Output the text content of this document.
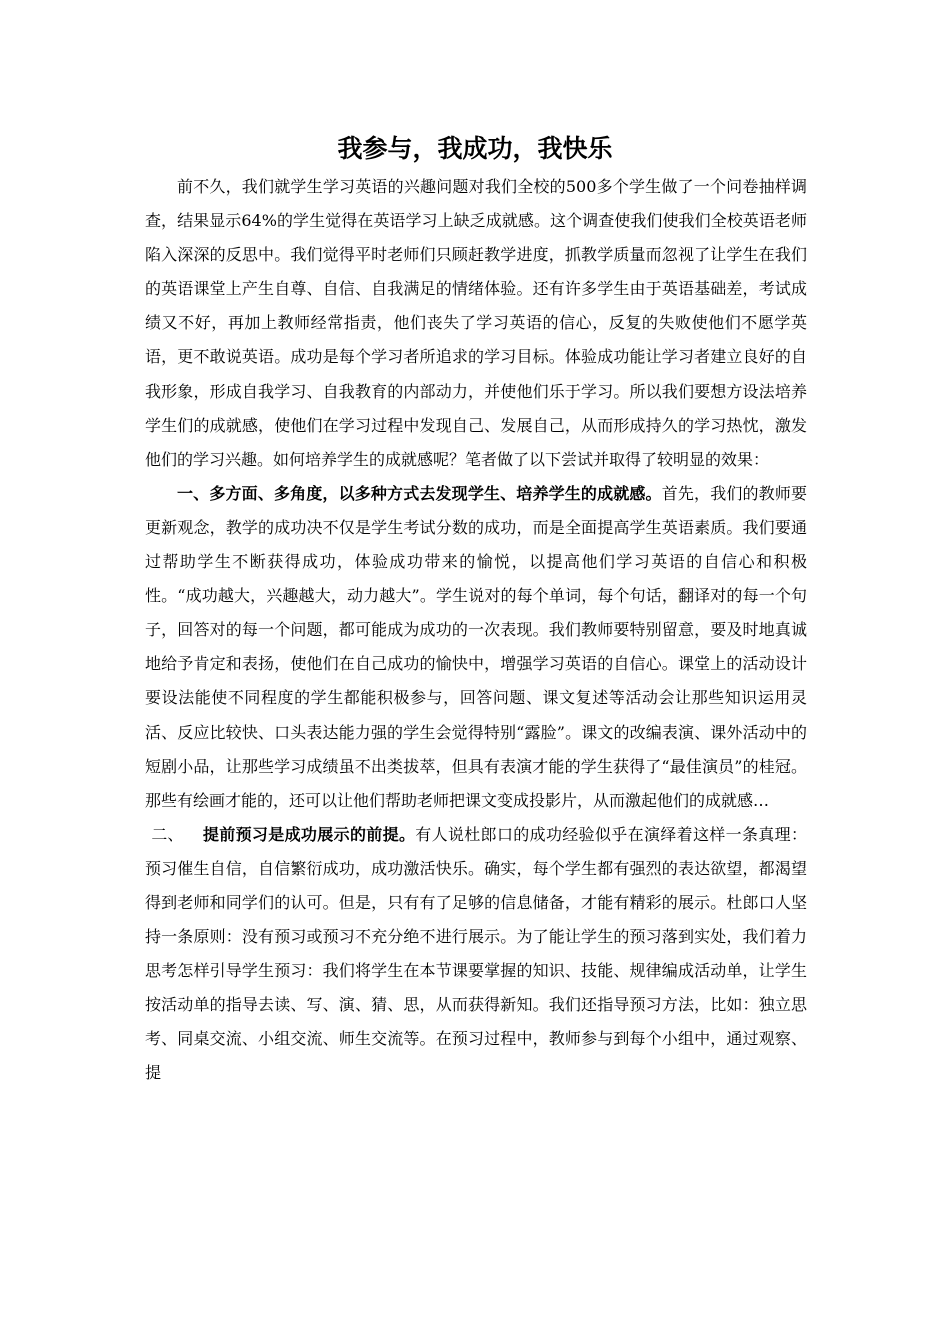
我参与，我成功，我快乐

前不久，我们就学生学习英语的兴趣问题对我们全校的500多个学生做了一个问卷抽样调查，结果显示64%的学生觉得在英语学习上缺乏成就感。这个调查使我们使我们全校英语老师陷入深深的反思中。我们觉得平时老师们只顾赶教学进度，抓教学质量而忽视了让学生在我们的英语课堂上产生自尊、自信、自我满足的情绪体验。还有许多学生由于英语基础差，考试成绩又不好，再加上教师经常指责，他们丧失了学习英语的信心，反复的失败使他们不愿学英语，更不敢说英语。成功是每个学习者所追求的学习目标。体验成功能让学习者建立良好的自我形象，形成自我学习、自我教育的内部动力，并使他们乐于学习。所以我们要想方设法培养学生们的成就感，使他们在学习过程中发现自己、发展自己，从而形成持久的学习热忱，激发他们的学习兴趣。如何培养学生的成就感呢？笔者做了以下尝试并取得了较明显的效果：

一、多方面、多角度，以多种方式去发现学生、培养学生的成就感。首先，我们的教师要更新观念，教学的成功决不仅是学生考试分数的成功，而是全面提高学生英语素质。我们要通过帮助学生不断获得成功，体验成功带来的愉悦，以提高他们学习英语的自信心和积极性。“成功越大，兴趣越大，动力越大”。学生说对的每个单词，每个句话，翻译对的每一个句子，回答对的每一个问题，都可能成为成功的一次表现。我们教师要特别留意，要及时地真诚地给予肯定和表扬，使他们在自己成功的愉快中，增强学习英语的自信心。课堂上的活动设计要设法能使不同程度的学生都能积极参与，回答问题、课文复述等活动会让那些知识运用灵活、反应比较快、口头表达能力强的学生会觉得特别“露脸”。课文的改编表演、课外活动中的短剧小品，让那些学习成绩虽不出类拔萃，但具有表演才能的学生获得了“最佳演员”的桂冠。那些有绘画才能的，还可以让他们帮助老师把课文变成投影片，从而激起他们的成就感…

二、 提前预习是成功展示的前提。有人说杜郎口的成功经验似乎在演绎着这样一条真理：预习催生自信，自信繁衍成功，成功激活快乐。确实，每个学生都有强烈的表达欲望，都渴望得到老师和同学们的认可。但是，只有有了足够的信息储备，才能有精彩的展示。杜郎口人坚持一条原则：没有预习或预习不充分绝不进行展示。为了能让学生的预习落到实处，我们着力思考怎样引导学生预习：我们将学生在本节课要掌握的知识、技能、规律编成活动单，让学生按活动单的指导去读、写、演、猜、思，从而获得新知。我们还指导预习方法，比如：独立思考、同桌交流、小组交流、师生交流等。在预习过程中，教师参与到每个小组中，通过观察、提
